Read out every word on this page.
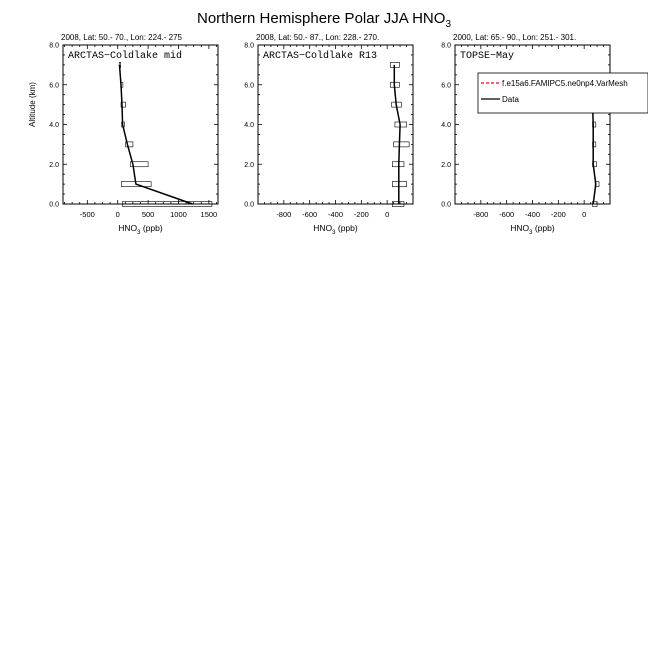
Northern Hemisphere Polar JJA $HNO_3$
2008, Lat: 50.- 70., Lon: 224.- 275
ARCTAS−Coldlake mid
-500	0	500 1000 1500
0.0
2.0
4.0
6.0
8.0
$HNO_3$ (ppb)
Altitude (km)
2008, Lat: 50.- 87., Lon: 228.- 270.
ARCTAS−Coldlake R13
-800 -600 -400 -200 0
0.0
2.0
4.0
6.0
8.0
$HNO_3$ (ppb)
2000, Lat: 65.- 90., Lon: 251.- 301.
TOPSE−May
-800 -600 -400 -200 0
0.0
2.0
4.0
6.0
8.0
$HNO_3$ (ppb)
f.e15a6.FAMIPC5.ne0np4.VarMesh
Data
